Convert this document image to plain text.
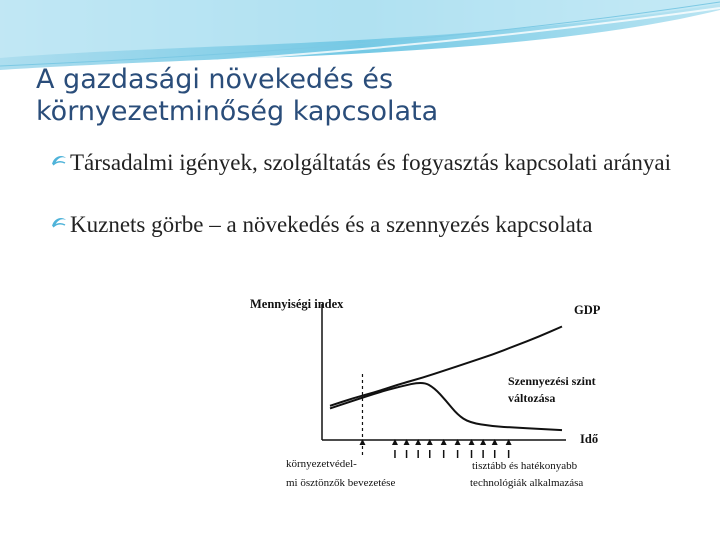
A gazdasági növekedés és
környezetminőség kapcsolata
Társadalmi igények, szolgáltatás és fogyasztás kapcsolati arányai
Kuznets görbe – a növekedés és a szennyezés kapcsolata
Mennyiségi index
Idő
GDP
Szennyezési szint
változása
környezetvédel-
mi ösztönzők bevezetése
tisztább és hatékonyabb
technológiák alkalmazása
